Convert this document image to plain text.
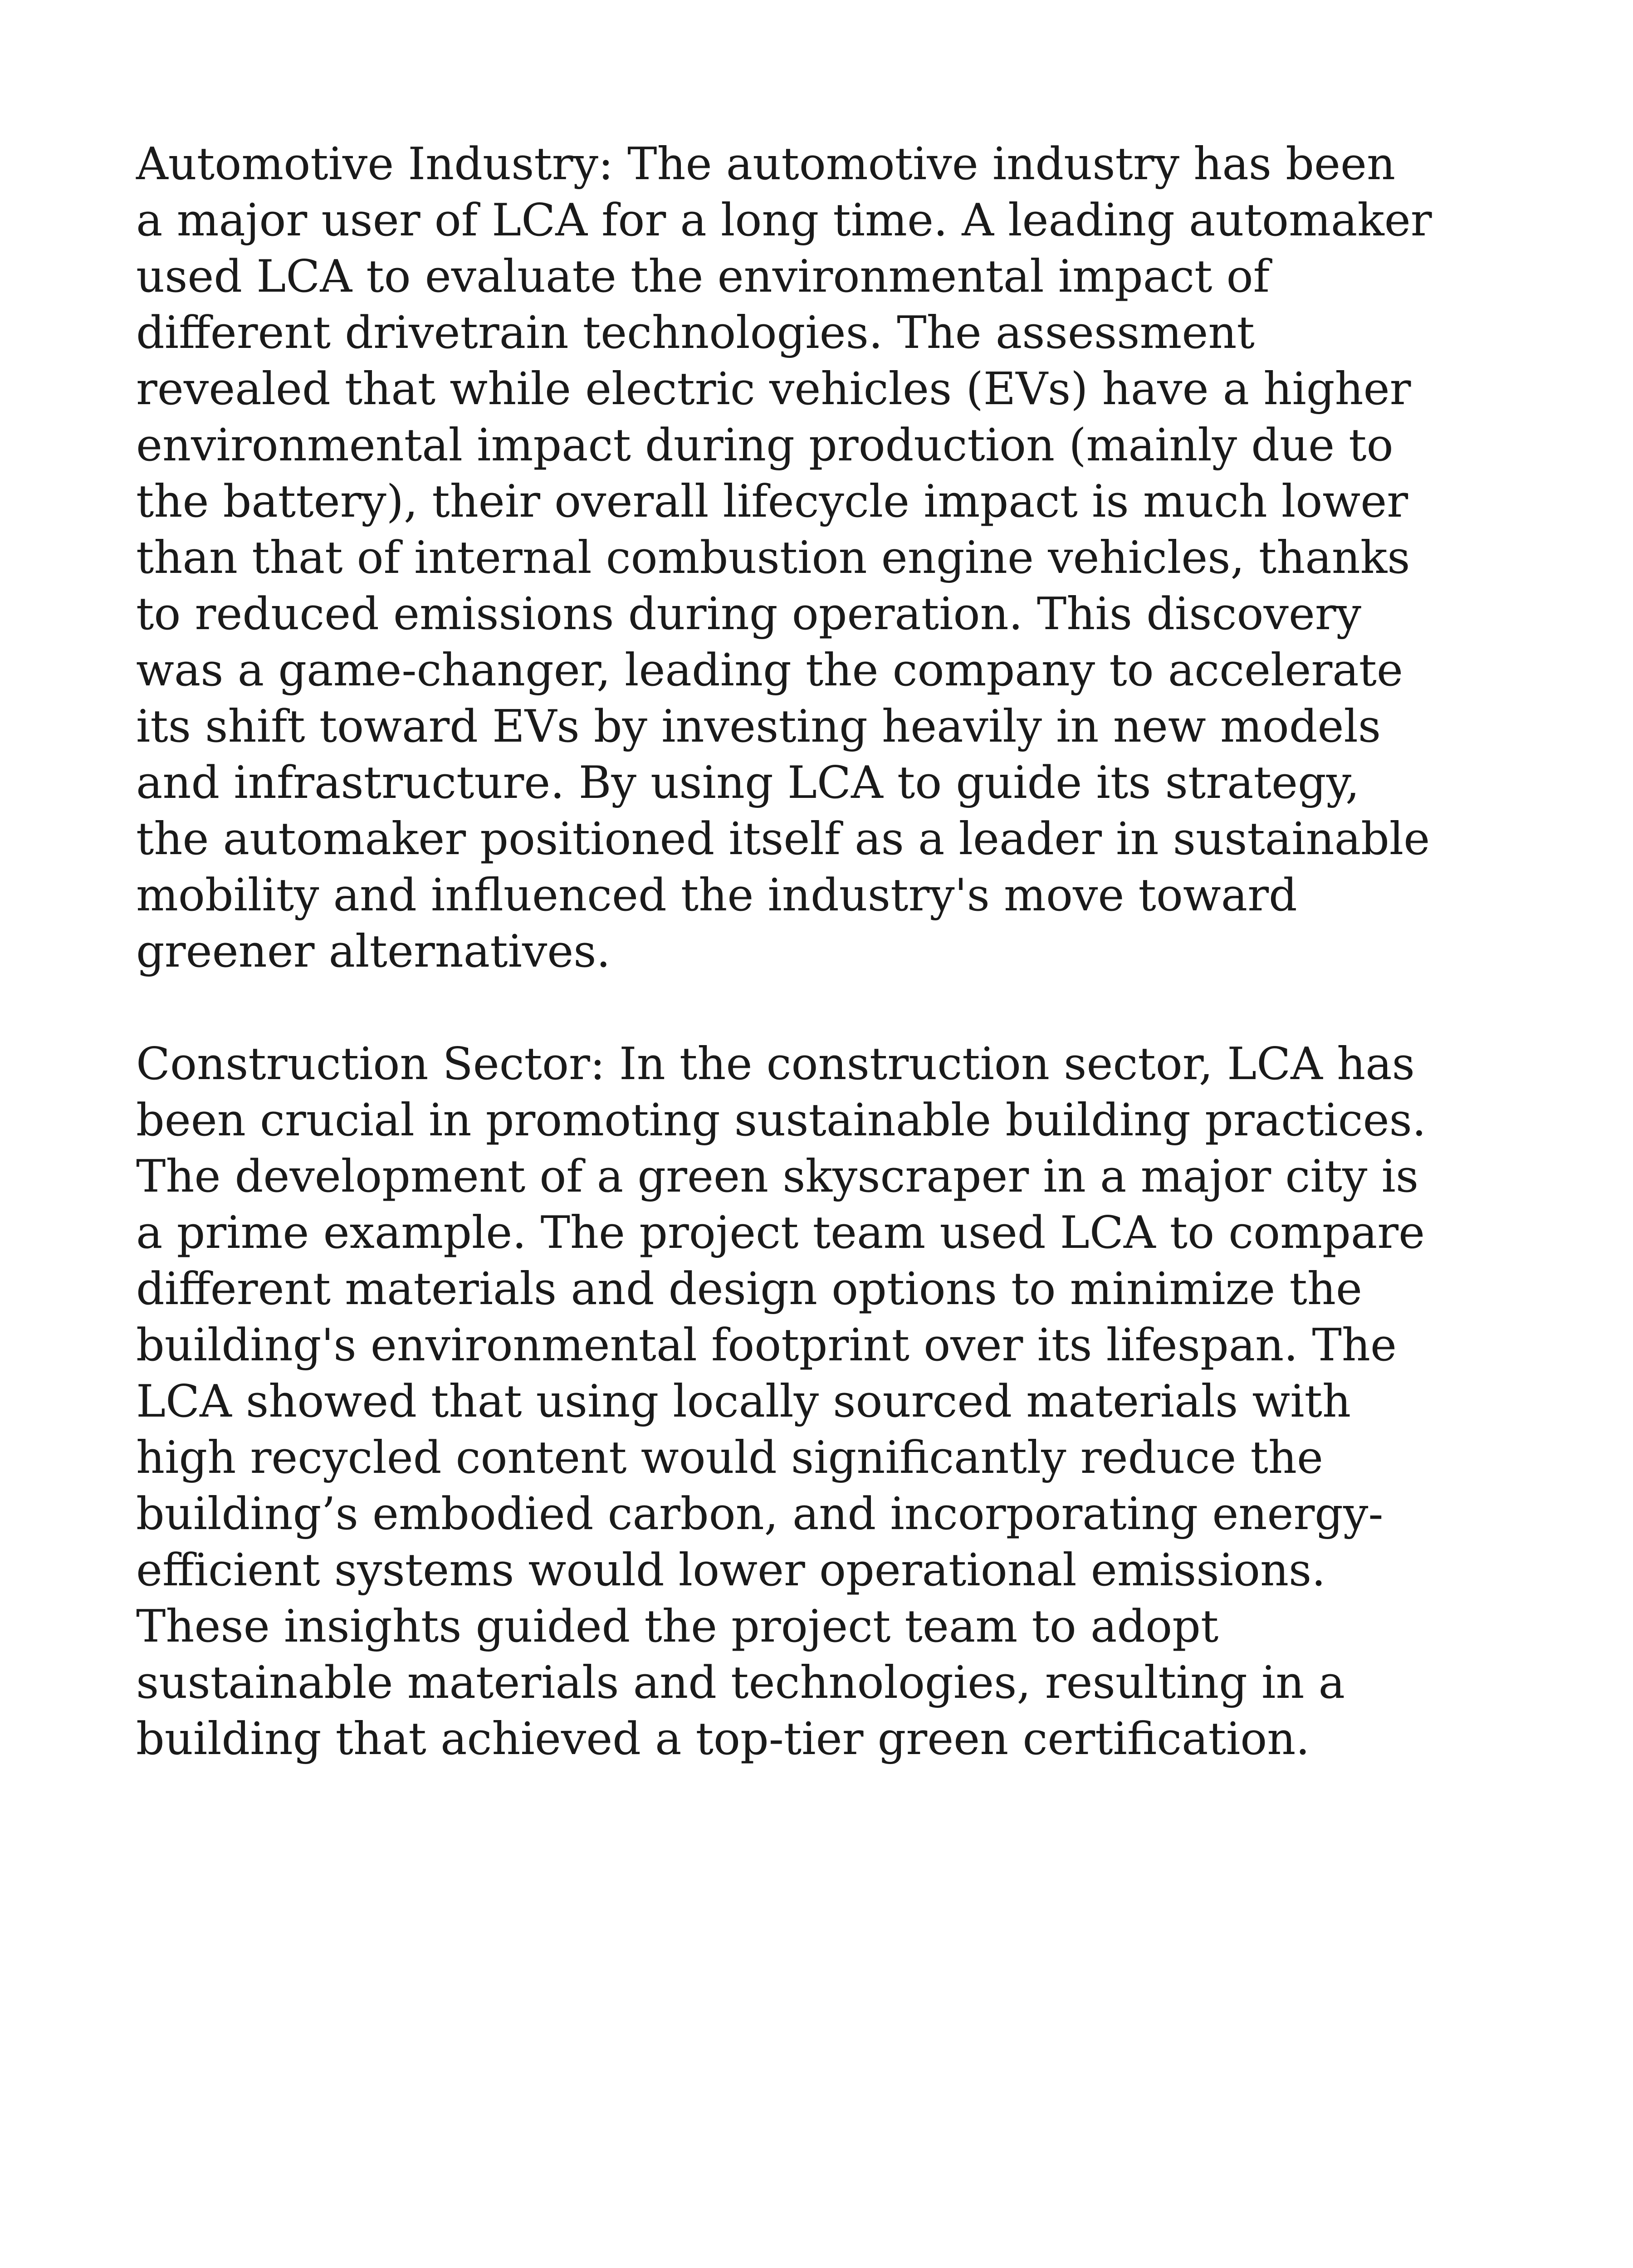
Automotive Industry: The automotive industry has been a major user of LCA for a long time. A leading automaker used LCA to evaluate the environmental impact of different drivetrain technologies. The assessment revealed that while electric vehicles (EVs) have a higher environmental impact during production (mainly due to the battery), their overall lifecycle impact is much lower than that of internal combustion engine vehicles, thanks to reduced emissions during operation. This discovery was a game-changer, leading the company to accelerate its shift toward EVs by investing heavily in new models and infrastructure. By using LCA to guide its strategy, the automaker positioned itself as a leader in sustainable mobility and influenced the industry's move toward greener alternatives.

Construction Sector: In the construction sector, LCA has been crucial in promoting sustainable building practices. The development of a green skyscraper in a major city is a prime example. The project team used LCA to compare different materials and design options to minimize the building's environmental footprint over its lifespan. The LCA showed that using locally sourced materials with high recycled content would significantly reduce the building’s embodied carbon, and incorporating energy-efficient systems would lower operational emissions. These insights guided the project team to adopt sustainable materials and technologies, resulting in a building that achieved a top-tier green certification.
